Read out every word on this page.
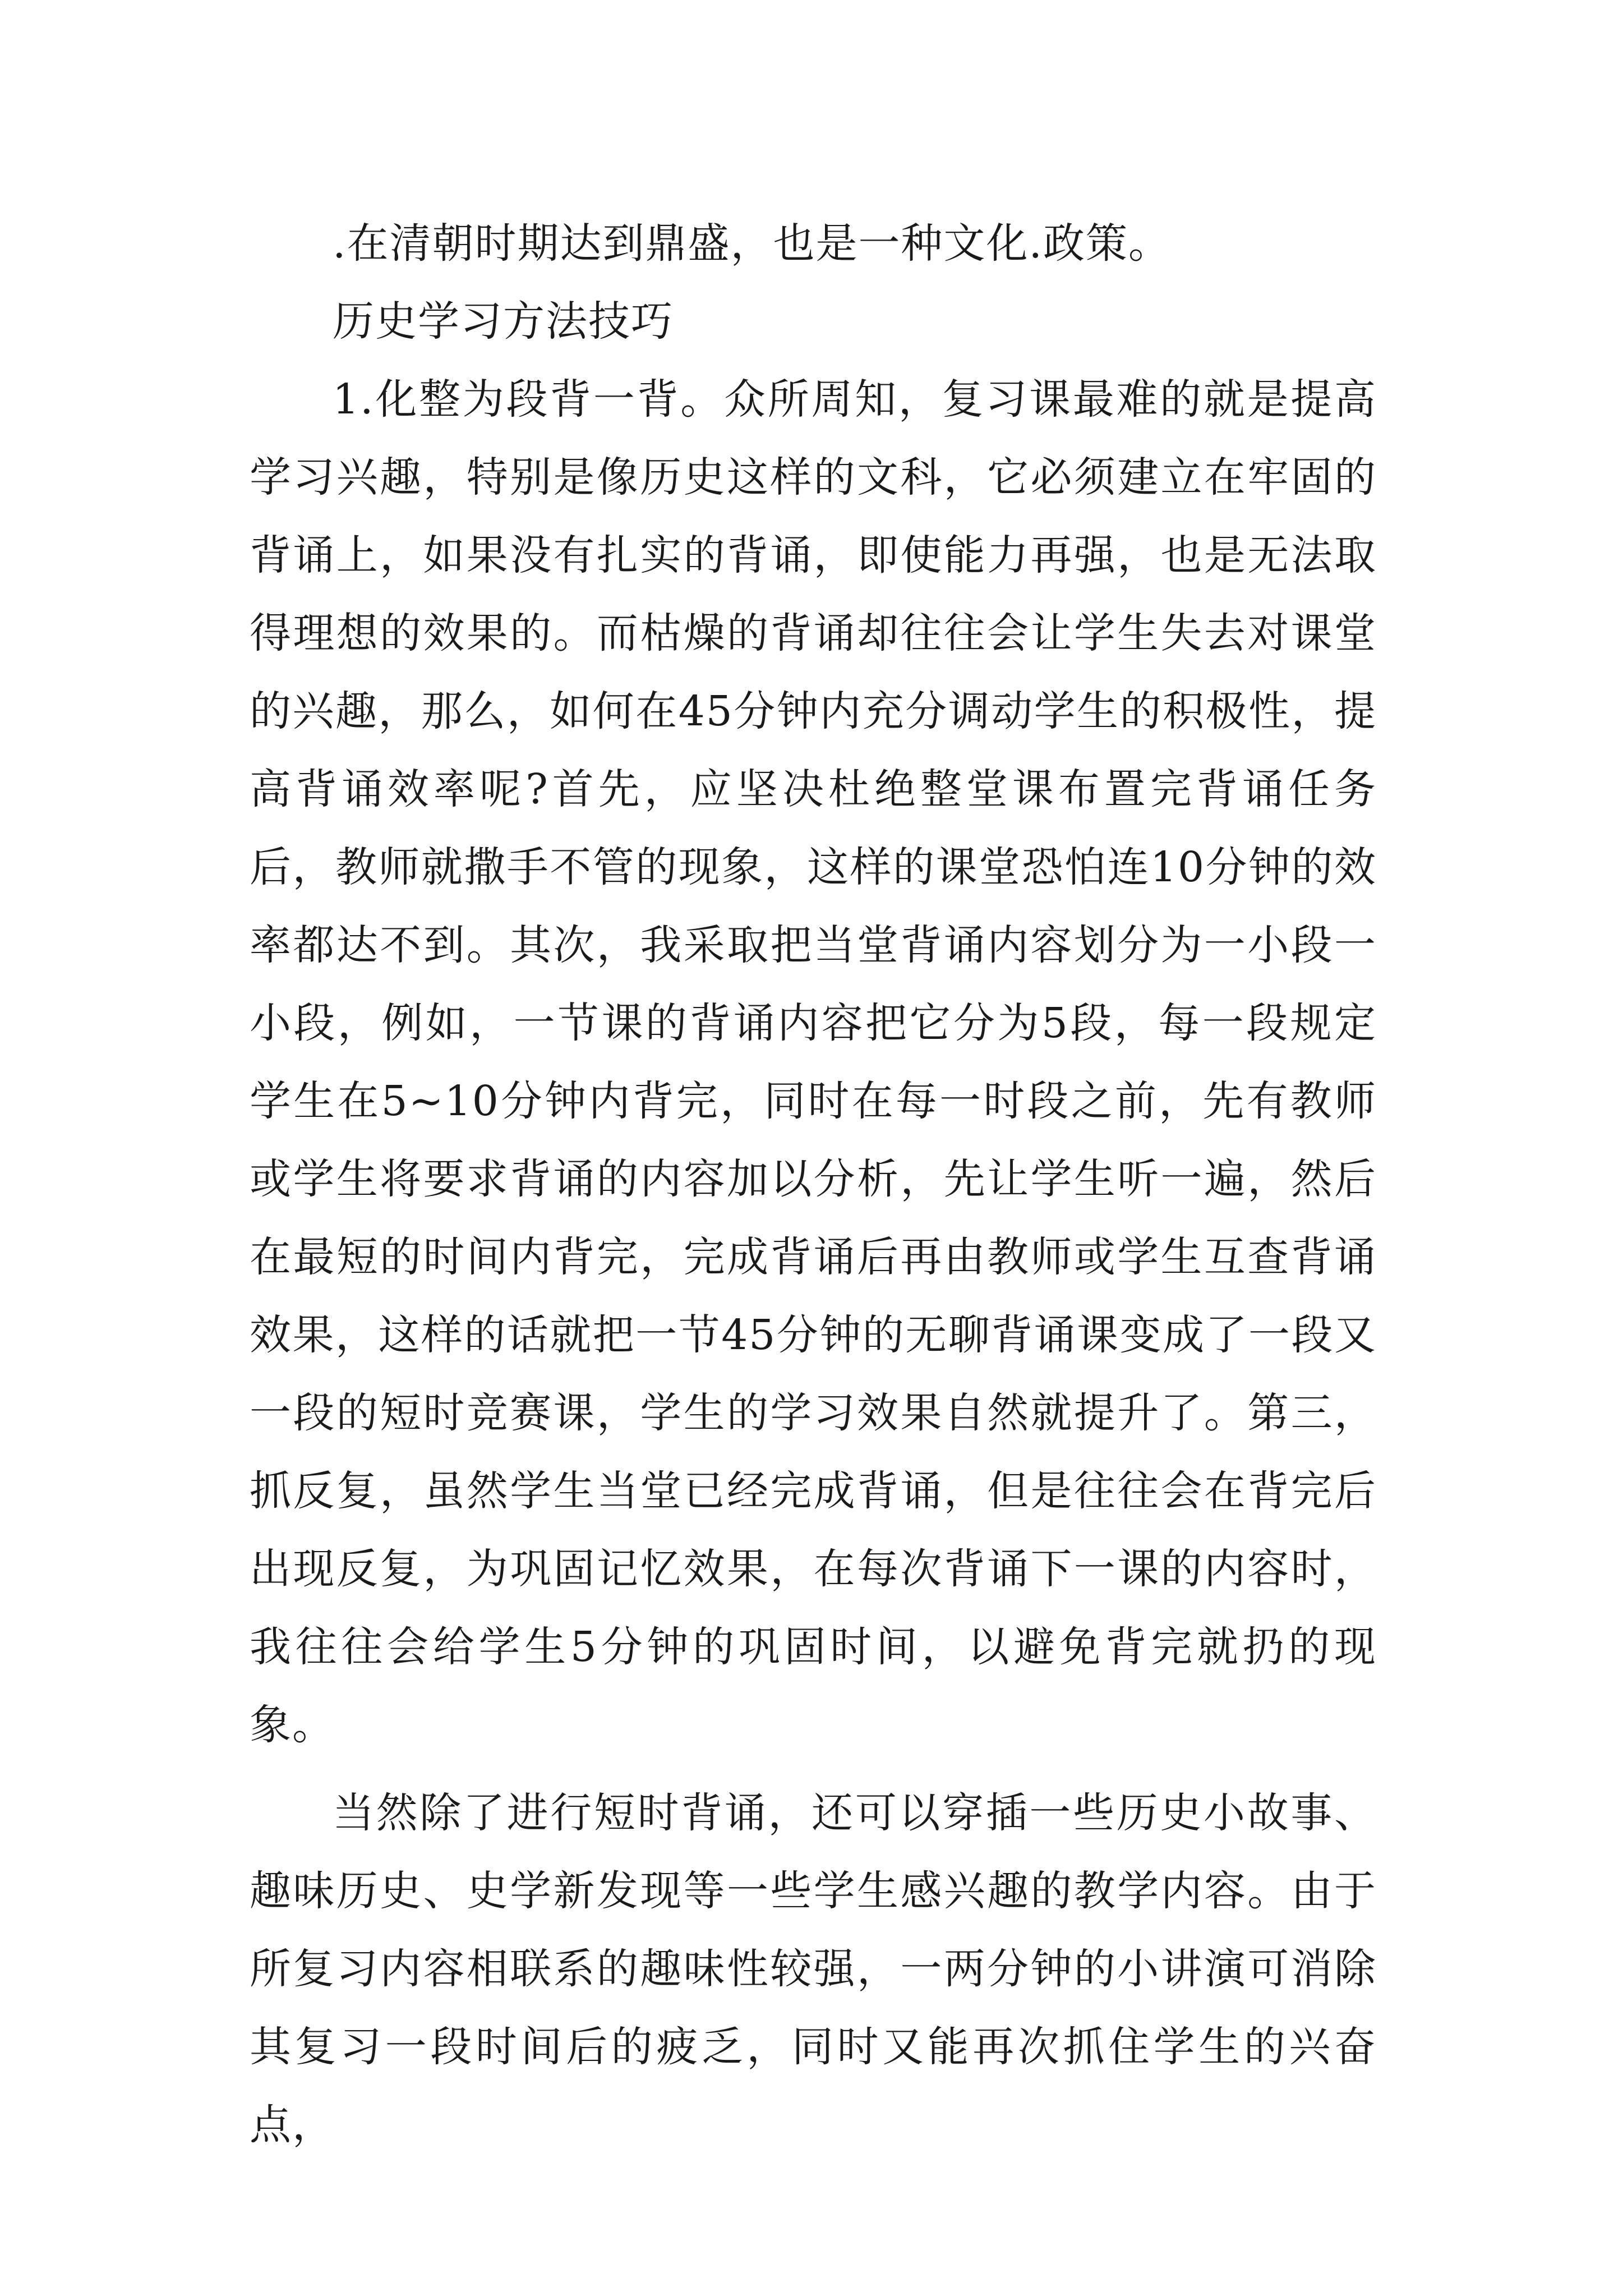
.在清朝时期达到鼎盛，也是一种文化.政策。

历史学习方法技巧

1.化整为段背一背。众所周知，复习课最难的就是提高学习兴趣，特别是像历史这样的文科，它必须建立在牢固的背诵上，如果没有扎实的背诵，即使能力再强，也是无法取得理想的效果的。而枯燥的背诵却往往会让学生失去对课堂的兴趣，那么，如何在45分钟内充分调动学生的积极性，提高背诵效率呢?首先，应坚决杜绝整堂课布置完背诵任务后，教师就撒手不管的现象，这样的课堂恐怕连10分钟的效率都达不到。其次，我采取把当堂背诵内容划分为一小段一小段，例如，一节课的背诵内容把它分为5段，每一段规定学生在5~10分钟内背完，同时在每一时段之前，先有教师或学生将要求背诵的内容加以分析，先让学生听一遍，然后在最短的时间内背完，完成背诵后再由教师或学生互查背诵效果，这样的话就把一节45分钟的无聊背诵课变成了一段又一段的短时竞赛课，学生的学习效果自然就提升了。第三，抓反复，虽然学生当堂已经完成背诵，但是往往会在背完后出现反复，为巩固记忆效果，在每次背诵下一课的内容时，我往往会给学生5分钟的巩固时间，以避免背完就扔的现象。

当然除了进行短时背诵，还可以穿插一些历史小故事、趣味历史、史学新发现等一些学生感兴趣的教学内容。由于所复习内容相联系的趣味性较强，一两分钟的小讲演可消除其复习一段时间后的疲乏，同时又能再次抓住学生的兴奋点，
